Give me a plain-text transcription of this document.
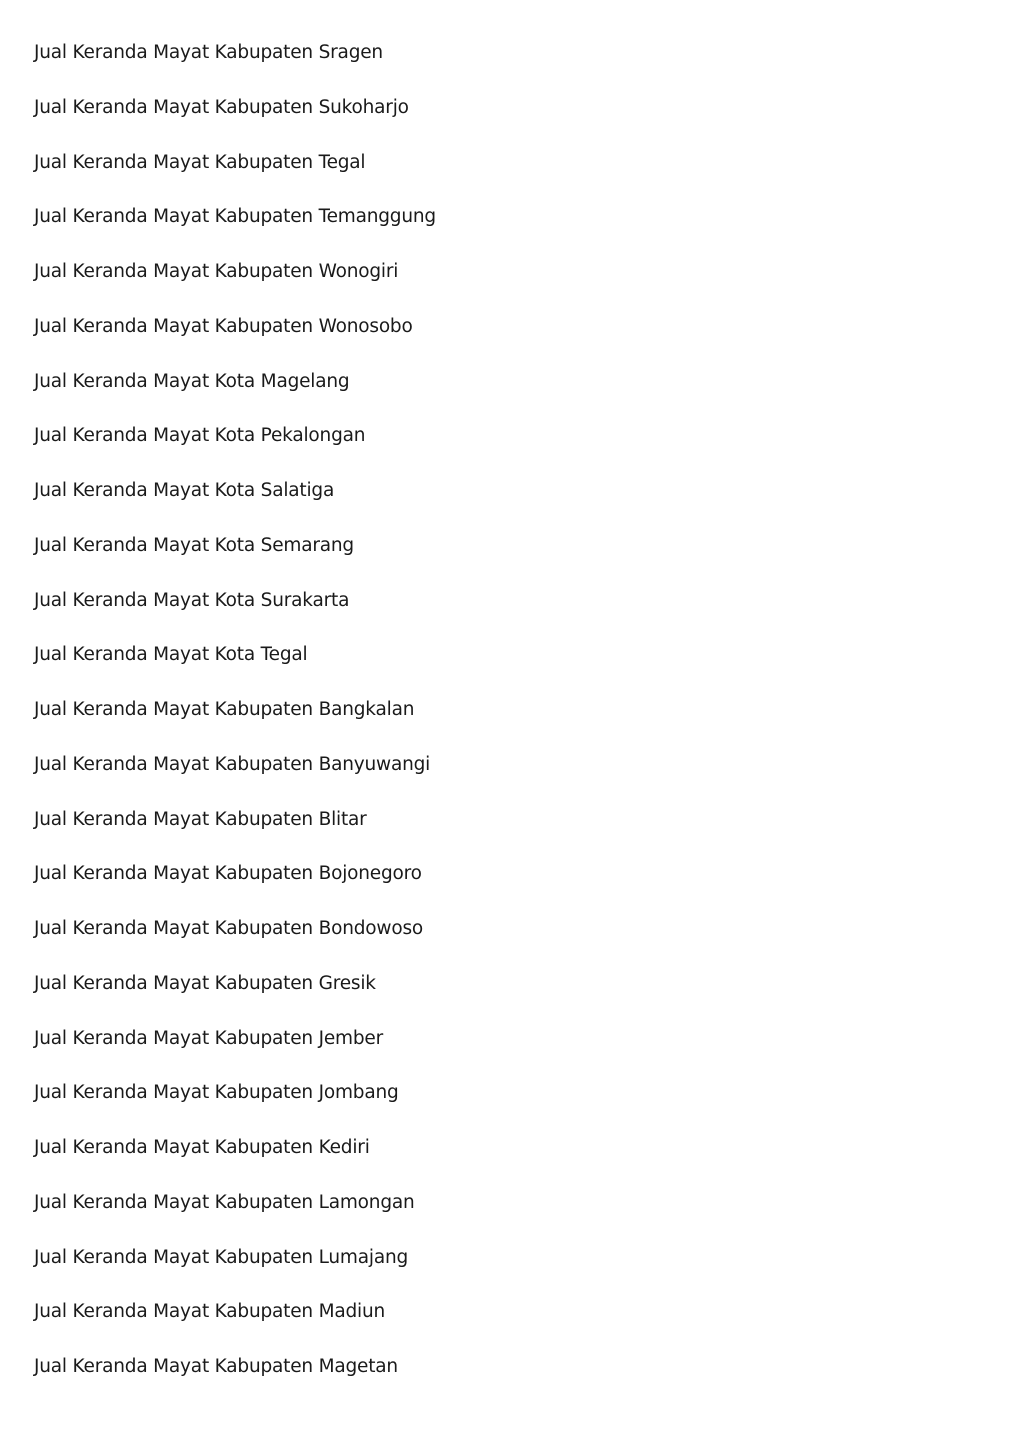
Jual Keranda Mayat Kabupaten Sragen
Jual Keranda Mayat Kabupaten Sukoharjo
Jual Keranda Mayat Kabupaten Tegal
Jual Keranda Mayat Kabupaten Temanggung
Jual Keranda Mayat Kabupaten Wonogiri
Jual Keranda Mayat Kabupaten Wonosobo
Jual Keranda Mayat Kota Magelang
Jual Keranda Mayat Kota Pekalongan
Jual Keranda Mayat Kota Salatiga
Jual Keranda Mayat Kota Semarang
Jual Keranda Mayat Kota Surakarta
Jual Keranda Mayat Kota Tegal
Jual Keranda Mayat Kabupaten Bangkalan
Jual Keranda Mayat Kabupaten Banyuwangi
Jual Keranda Mayat Kabupaten Blitar
Jual Keranda Mayat Kabupaten Bojonegoro
Jual Keranda Mayat Kabupaten Bondowoso
Jual Keranda Mayat Kabupaten Gresik
Jual Keranda Mayat Kabupaten Jember
Jual Keranda Mayat Kabupaten Jombang
Jual Keranda Mayat Kabupaten Kediri
Jual Keranda Mayat Kabupaten Lamongan
Jual Keranda Mayat Kabupaten Lumajang
Jual Keranda Mayat Kabupaten Madiun
Jual Keranda Mayat Kabupaten Magetan
